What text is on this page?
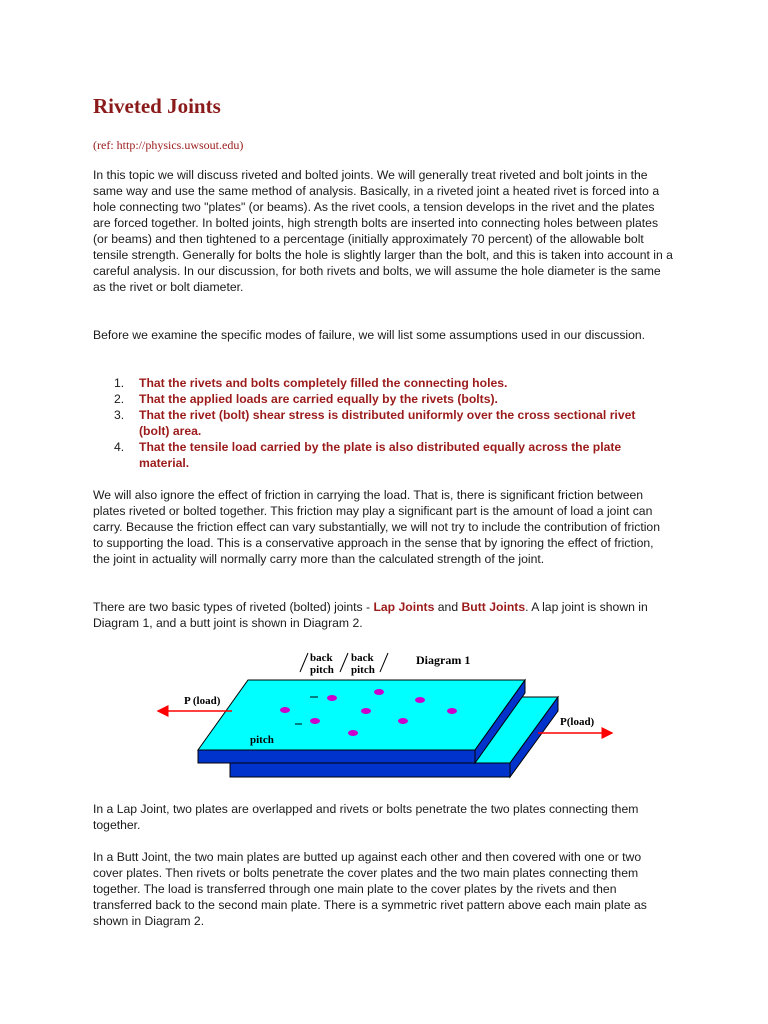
Riveted Joints
(ref: http://physics.uwsout.edu)

In this topic we will discuss riveted and bolted joints. We will generally treat riveted and bolt joints in the same way and use the same method of analysis. Basically, in a riveted joint a heated rivet is forced into a hole connecting two "plates" (or beams). As the rivet cools, a tension develops in the rivet and the plates are forced together. In bolted joints, high strength bolts are inserted into connecting holes between plates (or beams) and then tightened to a percentage (initially approximately 70 percent) of the allowable bolt tensile strength. Generally for bolts the hole is slightly larger than the bolt, and this is taken into account in a careful analysis. In our discussion, for both rivets and bolts, we will assume the hole diameter is the same as the rivet or bolt diameter.

Before we examine the specific modes of failure, we will list some assumptions used in our discussion.

1. That the rivets and bolts completely filled the connecting holes.
2. That the applied loads are carried equally by the rivets (bolts).
3. That the rivet (bolt) shear stress is distributed uniformly over the cross sectional rivet (bolt) area.
4. That the tensile load carried by the plate is also distributed equally across the plate material.

We will also ignore the effect of friction in carrying the load. That is, there is significant friction between plates riveted or bolted together. This friction may play a significant part is the amount of load a joint can carry. Because the friction effect can vary substantially, we will not try to include the contribution of friction to supporting the load. This is a conservative approach in the sense that by ignoring the effect of friction, the joint in actuality will normally carry more than the calculated strength of the joint.

There are two basic types of riveted (bolted) joints - Lap Joints and Butt Joints. A lap joint is shown in Diagram 1, and a butt joint is shown in Diagram 2.

In a Lap Joint, two plates are overlapped and rivets or bolts penetrate the two plates connecting them together.

In a Butt Joint, the two main plates are butted up against each other and then covered with one or two cover plates. Then rivets or bolts penetrate the cover plates and the two main plates connecting them together. The load is transferred through one main plate to the cover plates by the rivets and then transferred back to the second main plate. There is a symmetric rivet pattern above each main plate as shown in Diagram 2.

back
pitch
back
pitch
Diagram 1
P (load)
P(load)
pitch
